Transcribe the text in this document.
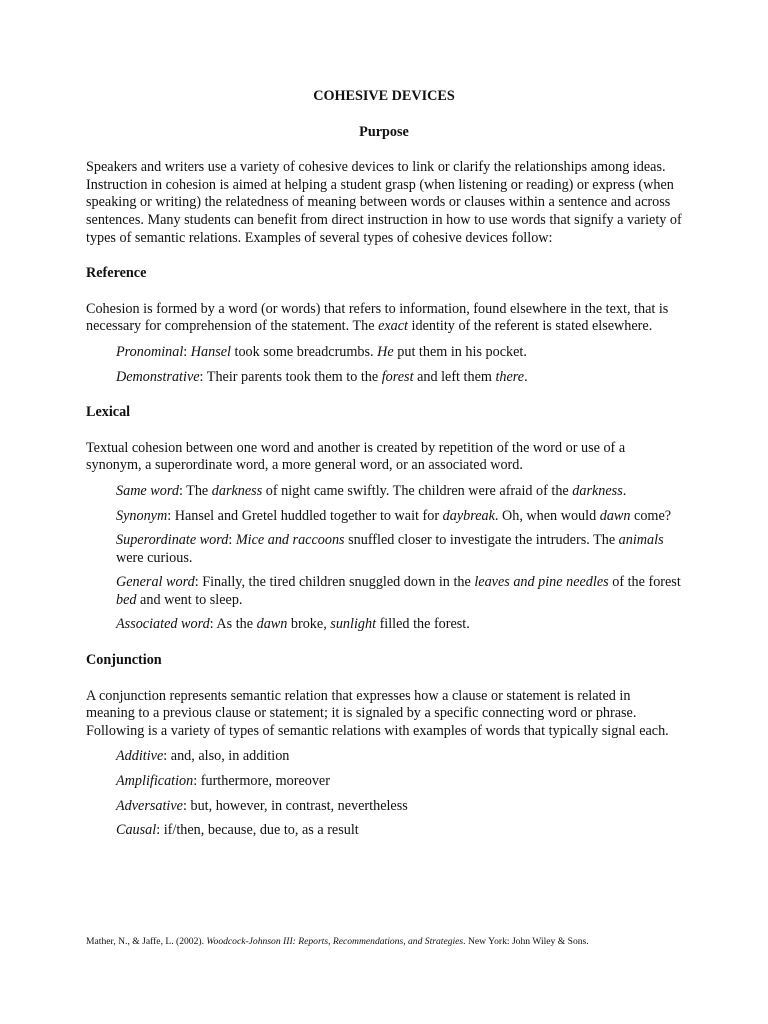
COHESIVE DEVICES

Purpose

Speakers and writers use a variety of cohesive devices to link or clarify the relationships among ideas. Instruction in cohesion is aimed at helping a student grasp (when listening or reading) or express (when speaking or writing) the relatedness of meaning between words or clauses within a sentence and across sentences. Many students can benefit from direct instruction in how to use words that signify a variety of types of semantic relations. Examples of several types of cohesive devices follow:

Reference

Cohesion is formed by a word (or words) that refers to information, found elsewhere in the text, that is necessary for comprehension of the statement. The exact identity of the referent is stated elsewhere.

Pronominal: Hansel took some breadcrumbs. He put them in his pocket.

Demonstrative: Their parents took them to the forest and left them there.

Lexical

Textual cohesion between one word and another is created by repetition of the word or use of a synonym, a superordinate word, a more general word, or an associated word.

Same word: The darkness of night came swiftly. The children were afraid of the darkness.

Synonym: Hansel and Gretel huddled together to wait for daybreak. Oh, when would dawn come?

Superordinate word: Mice and raccoons snuffled closer to investigate the intruders. The animals were curious.

General word: Finally, the tired children snuggled down in the leaves and pine needles of the forest bed and went to sleep.

Associated word: As the dawn broke, sunlight filled the forest.

Conjunction

A conjunction represents semantic relation that expresses how a clause or statement is related in meaning to a previous clause or statement; it is signaled by a specific connecting word or phrase. Following is a variety of types of semantic relations with examples of words that typically signal each.

Additive: and, also, in addition

Amplification: furthermore, moreover

Adversative: but, however, in contrast, nevertheless

Causal: if/then, because, due to, as a result

Mather, N., & Jaffe, L. (2002). Woodcock-Johnson III: Reports, Recommendations, and Strategies. New York: John Wiley & Sons.
